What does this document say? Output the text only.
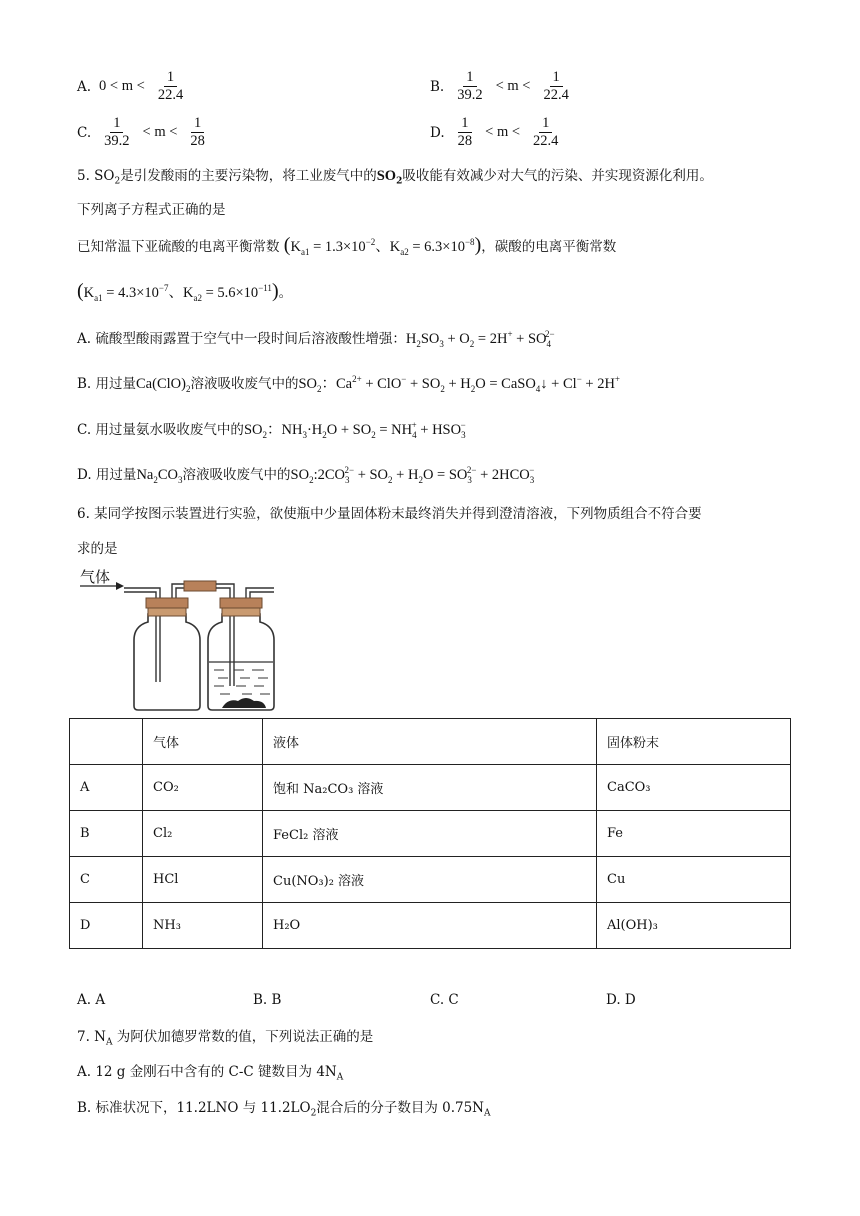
A. $0 < m < \frac{1}{22.4}$	B. $\frac{1}{39.2} < m < \frac{1}{22.4}$
C. $\frac{1}{39.2} < m < \frac{1}{28}$	D. $\frac{1}{28} < m < \frac{1}{22.4}$
5. $SO_2$是引发酸雨的主要污染物，将工业废气中的$SO_2$吸收能有效减少对大气的污染、并实现资源化利用。
下列离子方程式正确的是
已知常温下亚硫酸的电离平衡常数 ($K_{a1} = 1.3\times 10^{-2}$、$K_{a2} = 6.3\times 10^{-8}$)，碳酸的电离平衡常数
($K_{a1} = 4.3\times 10^{-7}$、$K_{a2} = 5.6\times 10^{-11}$)。
A. 硫酸型酸雨露置于空气中一段时间后溶液酸性增强：$H_2SO_3 + O_2 = 2H^+ + SO_4^{2-}$
B. 用过量$Ca(ClO)_2$溶液吸收废气中的$SO_2$：$Ca^{2+} + ClO^- + SO_2 + H_2O$ = CaSO$_4$↓ + Cl− + 2H+
C. 用过量氨水吸收废气中的$SO_2$：$NH_3\cdot H_2O + SO_2 = NH_4^+ + HSO_3^-$
D. 用过量$Na_2CO_3$溶液吸收废气中的$SO_2:2CO_3^{2-} + SO_2 + H_2O = SO_3^{2-} + 2HCO_3^-$
6. 某同学按图示装置进行实验，欲使瓶中少量固体粉末最终消失并得到澄清溶液，下列物质组合不符合要
求的是
气体
	气体	液体	固体粉末
A	CO₂	饱和 Na₂CO₃ 溶液	CaCO₃
B	Cl₂	FeCl₂ 溶液	Fe
C	HCl	Cu(NO₃)₂ 溶液	Cu
D	NH₃	H₂O	Al(OH)₃
A. A	B. B	C. C	D. D
7. $N_A$ 为阿伏加德罗常数的值，下列说法正确的是
A. 12 g 金刚石中含有的 C-C 键数目为 $4N_A$
B. 标准状况下，11.2LNO 与 $11.2LO_2$混合后的分子数目为 $0.75N_A$
